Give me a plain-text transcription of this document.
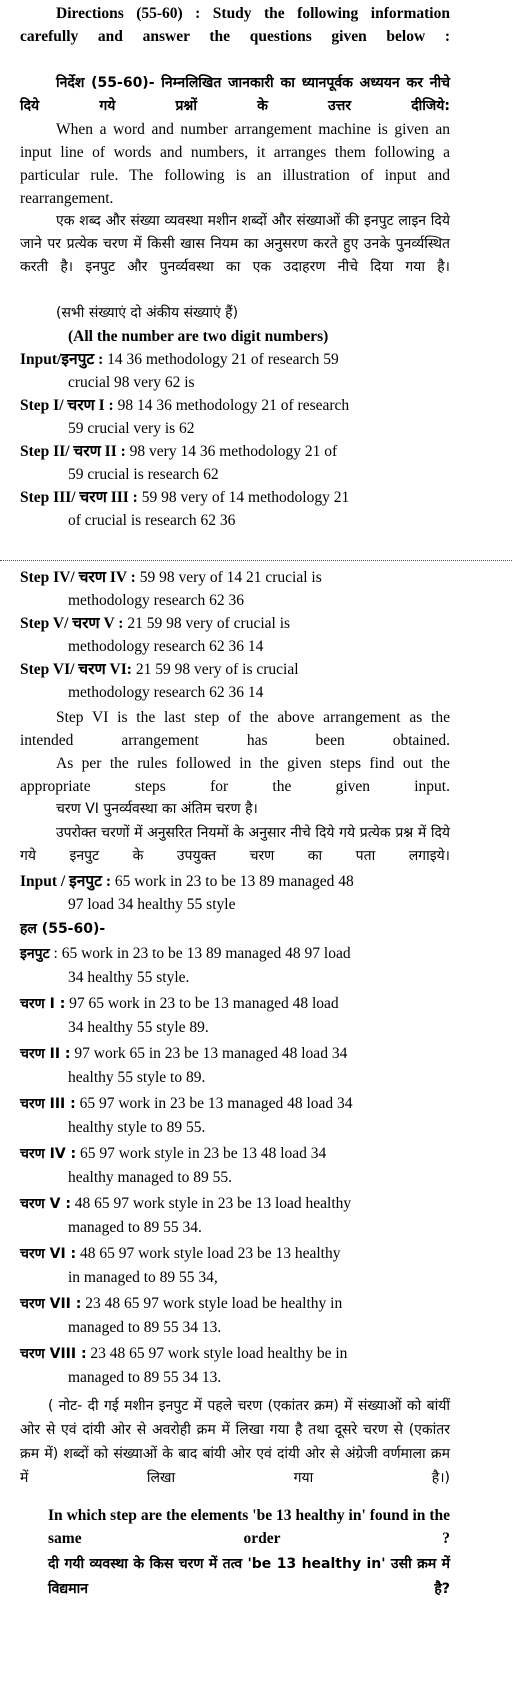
Directions (55-60) : Study the following information carefully and answer the questions given below :
निर्देश (55-60)- निम्नलिखित जानकारी का ध्यानपूर्वक अध्ययन कर नीचे दिये गये प्रश्नों के उत्तर दीजिये:
When a word and number arrangement machine is given an input line of words and numbers, it arranges them following a particular rule. The following is an illustration of input and rearrangement.
एक शब्द और संख्या व्यवस्था मशीन शब्दों और संख्याओं की इनपुट लाइन दिये जाने पर प्रत्येक चरण में किसी खास नियम का अनुसरण करते हुए उनके पुनर्व्यस्थित करती है। इनपुट और पुनर्व्यवस्था का एक उदाहरण नीचे दिया गया है।
(सभी संख्याएं दो अंकीय संख्याएं हैं)
(All the number are two digit numbers)
Input/इनपुट : 14 36 methodology 21 of research 59
crucial 98 very 62 is
Step I/ चरण I : 98 14 36 methodology 21 of research
59 crucial very is 62
Step II/ चरण II : 98 very 14 36 methodology 21 of
59 crucial is research 62
Step III/ चरण III : 59 98 very of 14 methodology 21
of crucial is research 62 36
Step IV/ चरण IV : 59 98 very of 14 21 crucial is
methodology research 62 36
Step V/ चरण V : 21 59 98 very of crucial is
methodology research 62 36 14
Step VI/ चरण VI: 21 59 98 very of is crucial
methodology research 62 36 14
Step VI is the last step of the above arrangement as the intended arrangement has been obtained.
As per the rules followed in the given steps find out the appropriate steps for the given input.
चरण VI पुनर्व्यवस्था का अंतिम चरण है।
उपरोक्त चरणों में अनुसरित नियमों के अनुसार नीचे दिये गये प्रत्येक प्रश्न में दिये गये इनपुट के उपयुक्त चरण का पता लगाइये।
Input / इनपुट : 65 work in 23 to be 13 89 managed 48
97 load 34 healthy 55 style
हल (55-60)-
इनपुट : 65 work in 23 to be 13 89 managed 48 97 load
34 healthy 55 style.
चरण I : 97 65 work in 23 to be 13 managed 48 load
34 healthy 55 style 89.
चरण II : 97 work 65 in 23 be 13 managed 48 load 34
healthy 55 style to 89.
चरण III : 65 97 work in 23 be 13 managed 48 load 34
healthy style to 89 55.
चरण IV : 65 97 work style in 23 be 13 48 load 34
healthy managed to 89 55.
चरण V : 48 65 97 work style in 23 be 13 load healthy
managed to 89 55 34.
चरण VI : 48 65 97 work style load 23 be 13 healthy
in managed to 89 55 34,
चरण VII : 23 48 65 97 work style load be healthy in
managed to 89 55 34 13.
चरण VIII : 23 48 65 97 work style load healthy be in
managed to 89 55 34 13.
( नोट- दी गई मशीन इनपुट में पहले चरण (एकांतर क्रम) में संख्याओं को बांयीं ओर से एवं दांयी ओर से अवरोही क्रम में लिखा गया है तथा दूसरे चरण से (एकांतर क्रम में) शब्दों को संख्याओं के बाद बांयी ओर एवं दांयी ओर से अंग्रेजी वर्णमाला क्रम में लिखा गया है।)
In which step are the elements 'be 13 healthy in' found in the same order ?
दी गयी व्यवस्था के किस चरण में तत्व 'be 13 healthy in' उसी क्रम में विद्यमान है?
